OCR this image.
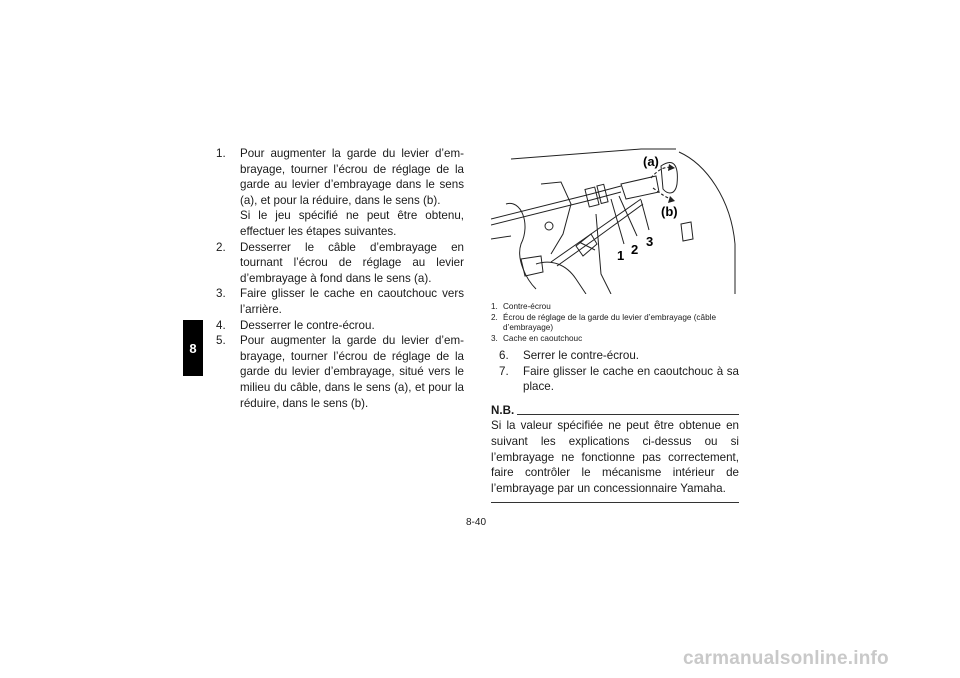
8
1. Pour augmenter la garde du levier d’embrayage, tourner l’écrou de réglage de la garde au levier d’embrayage dans le sens (a), et pour la réduire, dans le sens (b).
Si le jeu spécifié ne peut être obtenu, effectuer les étapes suivantes.
2. Desserrer le câble d’embrayage en tournant l’écrou de réglage au levier d’embrayage à fond dans le sens (a).
3. Faire glisser le cache en caoutchouc vers l’arrière.
4. Desserrer le contre-écrou.
5. Pour augmenter la garde du levier d’embrayage, tourner l’écrou de réglage de la garde du levier d’embrayage, situé vers le milieu du câble, dans le sens (a), et pour la réduire, dans le sens (b).
(a)
(b)
1 2
3
1. Contre-écrou
2. Écrou de réglage de la garde du levier d’embrayage (câble d’embrayage)
3. Cache en caoutchouc
6. Serrer le contre-écrou.
7. Faire glisser le cache en caoutchouc à sa place.
N.B.
Si la valeur spécifiée ne peut être obtenue en suivant les explications ci-dessus ou si l’embrayage ne fonctionne pas correctement, faire contrôler le mécanisme intérieur de l’embrayage par un concessionnaire Yamaha.
8-40
carmanualsonline.info
